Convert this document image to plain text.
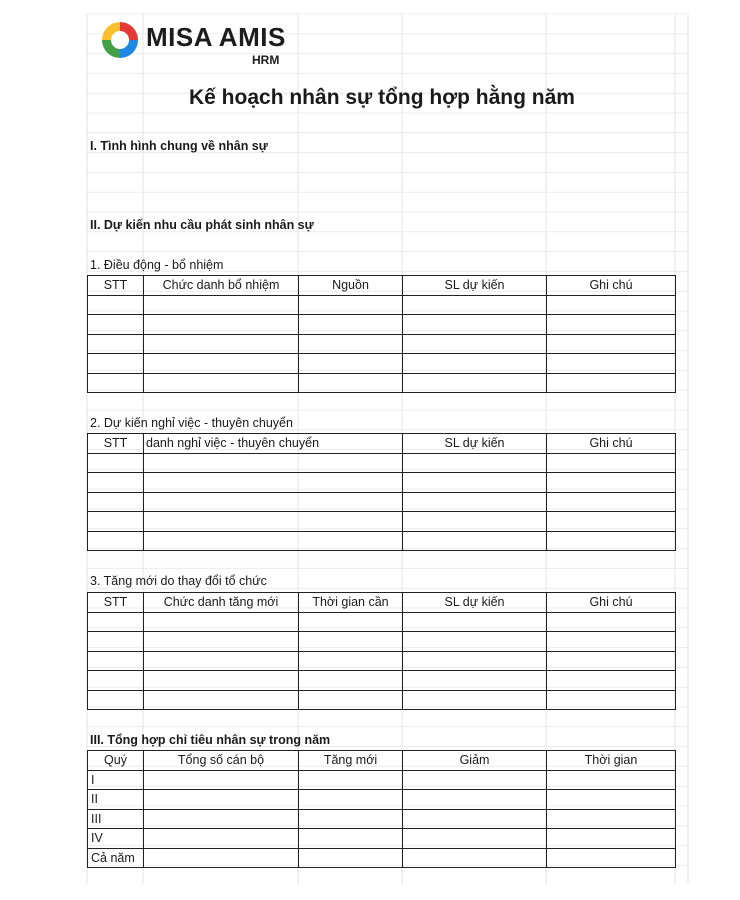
MISA AMIS
HRM
Kế hoạch nhân sự tổng hợp hằng năm
I. Tình hình chung về nhân sự
II. Dự kiến nhu cầu phát sinh nhân sự
1. Điều động - bổ nhiệm
STT	Chức danh bổ nhiệm	Nguồn	SL dự kiến	Ghi chú

2. Dự kiến nghỉ việc - thuyên chuyển
STT	danh nghỉ việc - thuyên chuyển	SL dự kiến	Ghi chú

3. Tăng mới do thay đổi tổ chức
STT	Chức danh tăng mới	Thời gian cần	SL dự kiến	Ghi chú

III. Tổng hợp chỉ tiêu nhân sự trong năm
Quý	Tổng số cán bộ	Tăng mới	Giảm	Thời gian
I				
II				
III				
IV				
Cả năm				
